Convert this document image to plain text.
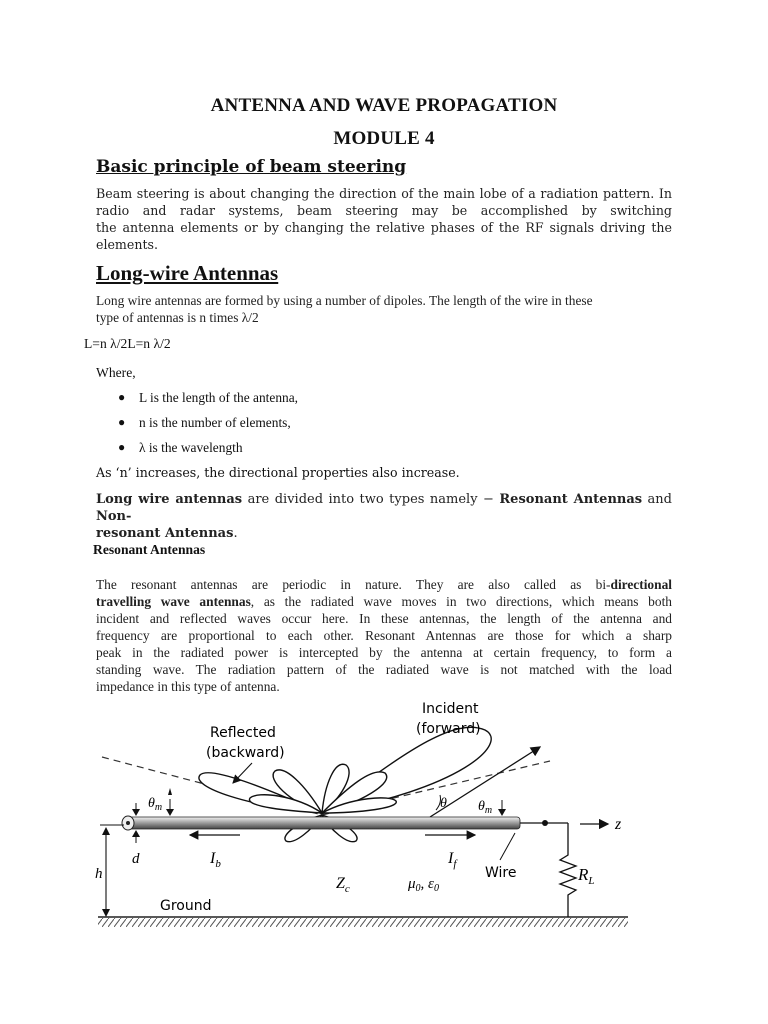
ANTENNA AND WAVE PROPAGATION
MODULE 4
Basic principle of beam steering
Beam steering is about changing the direction of the main lobe of a radiation pattern. In
radio and radar systems, beam steering may be accomplished by switching
the antenna elements or by changing the relative phases of the RF signals driving the
elements.
Long-wire Antennas
Long wire antennas are formed by using a number of dipoles. The length of the wire in these
type of antennas is n times λ/2
L=n λ/2L=n λ/2
Where,
● L is the length of the antenna,
● n is the number of elements,
● λ is the wavelength
As ‘n’ increases, the directional properties also increase.
Long wire antennas are divided into two types namely − Resonant Antennas and Non-
resonant Antennas.
Resonant Antennas
The resonant antennas are periodic in nature. They are also called as bi-directional
travelling wave antennas, as the radiated wave moves in two directions, which means both
incident and reflected waves occur here. In these antennas, the length of the antenna and
frequency are proportional to each other. Resonant Antennas are those for which a sharp
peak in the radiated power is intercepted by the antenna at certain frequency, to form a
standing wave. The radiation pattern of the radiated wave is not matched with the load
impedance in this type of antenna.
z
$R_L$
h
d
$\theta_m$	θ $\theta_m$
$I_b$	$I_f$
Wire
$Z_c$	$\mu_0$, $\varepsilon_0$
Ground
Reflected
(backward)
Incident
(forward)
